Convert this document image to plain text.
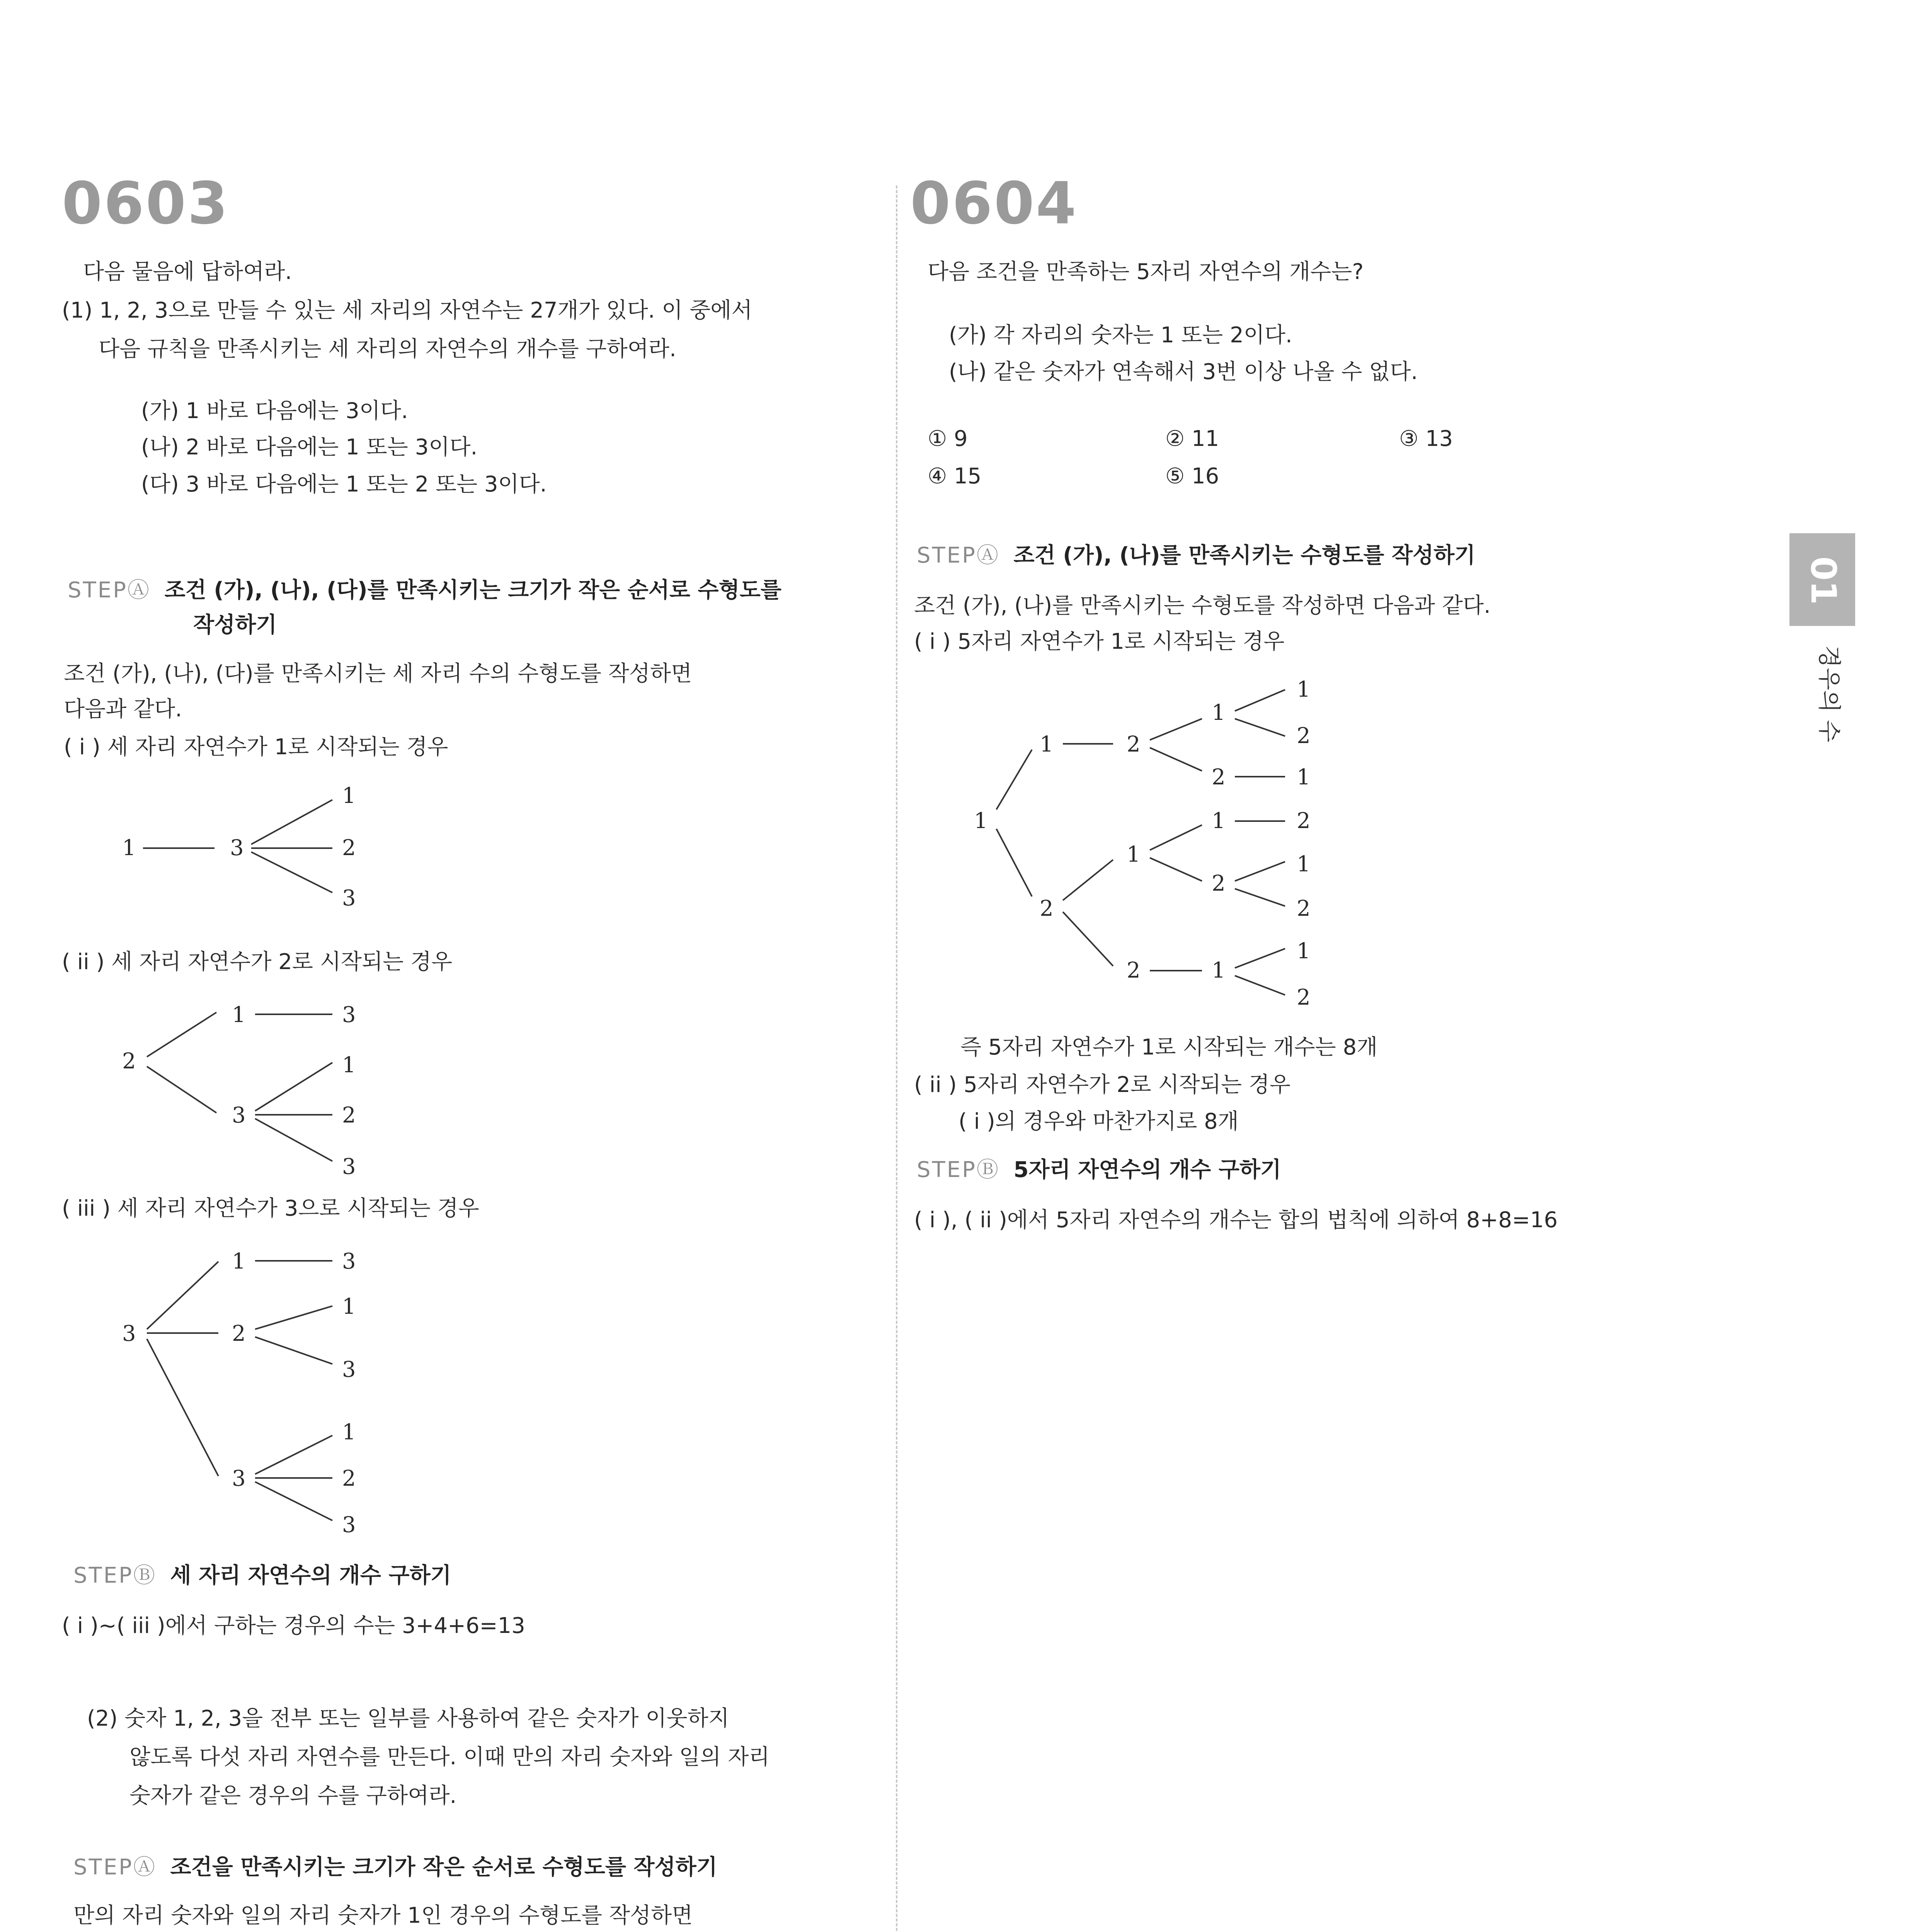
0603
다음 물음에 답하여라.
(1) 1, 2, 3으로 만들 수 있는 세 자리의 자연수는 27개가 있다. 이 중에서
다음 규칙을 만족시키는 세 자리의 자연수의 개수를 구하여라.
(가) 1 바로 다음에는 3이다.
(나) 2 바로 다음에는 1 또는 3이다.
(다) 3 바로 다음에는 1 또는 2 또는 3이다.
STEPⒶ 조건 (가), (나), (다)를 만족시키는 크기가 작은 순서로 수형도를
작성하기
조건 (가), (나), (다)를 만족시키는 세 자리 수의 수형도를 작성하면
다음과 같다.
( i ) 세 자리 자연수가 1로 시작되는 경우
1	3
1
2
3
( ii ) 세 자리 자연수가 2로 시작되는 경우
2
1	3
3
1
2
3
( iii ) 세 자리 자연수가 3으로 시작되는 경우
3
1	3
2
1
3
3
1
2
3
STEPⒷ 세 자리 자연수의 개수 구하기
( i )~( iii )에서 구하는 경우의 수는 3+4+6=13
(2) 숫자 1, 2, 3을 전부 또는 일부를 사용하여 같은 숫자가 이웃하지
않도록 다섯 자리 자연수를 만든다. 이때 만의 자리 숫자와 일의 자리
숫자가 같은 경우의 수를 구하여라.
STEPⒶ 조건을 만족시키는 크기가 작은 순서로 수형도를 작성하기
만의 자리 숫자와 일의 자리 숫자가 1인 경우의 수형도를 작성하면

0604
다음 조건을 만족하는 5자리 자연수의 개수는?
(가) 각 자리의 숫자는 1 또는 2이다.
(나) 같은 숫자가 연속해서 3번 이상 나올 수 없다.
① 9	② 11	③ 13
④ 15	⑤ 16
STEPⒶ 조건 (가), (나)를 만족시키는 수형도를 작성하기
조건 (가), (나)를 만족시키는 수형도를 작성하면 다음과 같다.
( i ) 5자리 자연수가 1로 시작되는 경우
1
1	2
1
1
2
2	1
2
1
1	2
2
1
2
2	1
1
2
즉 5자리 자연수가 1로 시작되는 개수는 8개
( ii ) 5자리 자연수가 2로 시작되는 경우
( i )의 경우와 마찬가지로 8개
STEPⒷ 5자리 자연수의 개수 구하기
( i ), ( ii )에서 5자리 자연수의 개수는 합의 법칙에 의하여 8+8=16
01
경우의 수
